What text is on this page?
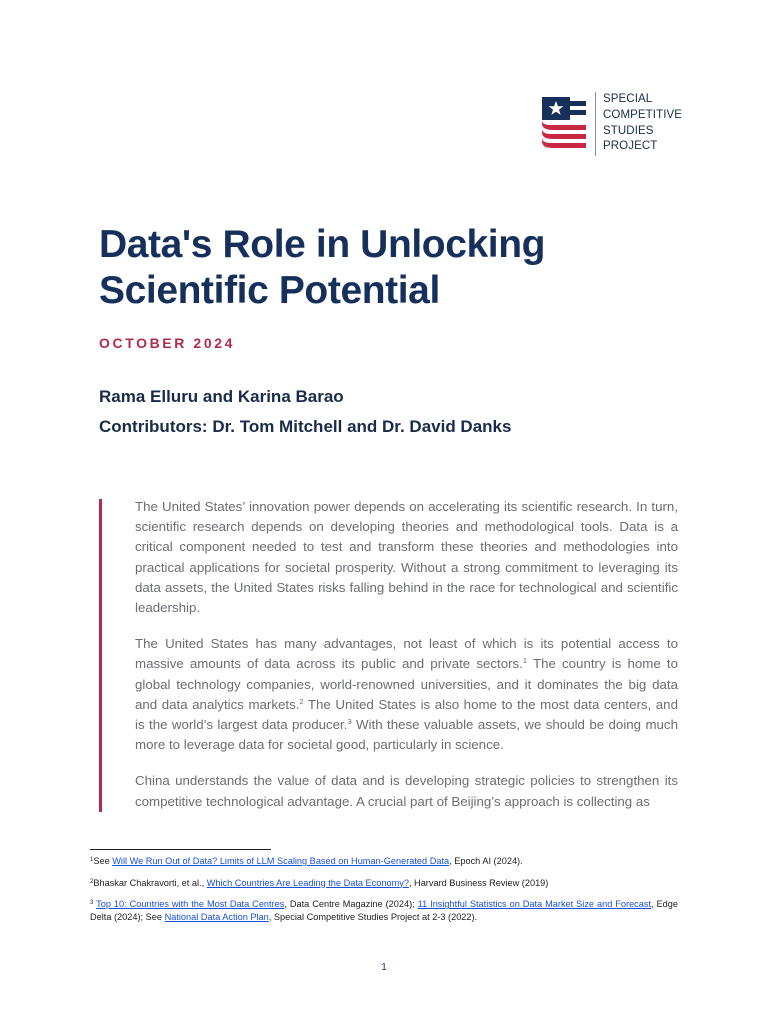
SPECIAL
COMPETITIVE
STUDIES
PROJECT
Data's Role in Unlocking
Scientific Potential
OCTOBER 2024
Rama Elluru and Karina Barao
Contributors: Dr. Tom Mitchell and Dr. David Danks

The United States’ innovation power depends on accelerating its scientific research. In turn, scientific research depends on developing theories and methodological tools. Data is a critical component needed to test and transform these theories and methodologies into practical applications for societal prosperity. Without a strong commitment to leveraging its data assets, the United States risks falling behind in the race for technological and scientific leadership.

The United States has many advantages, not least of which is its potential access to massive amounts of data across its public and private sectors.$^1$ The country is home to global technology companies, world-renowned universities, and it dominates the big data and data analytics markets.$^2$ The United States is also home to the most data centers, and is the world’s largest data producer.$^3$ With these valuable assets, we should be doing much more to leverage data for societal good, particularly in science.

China understands the value of data and is developing strategic policies to strengthen its competitive technological advantage. A crucial part of Beijing’s approach is collecting as

$^1$See Will We Run Out of Data? Limits of LLM Scaling Based on Human-Generated Data, Epoch AI (2024).
$^2$Bhaskar Chakravorti, et al., Which Countries Are Leading the Data Economy?, Harvard Business Review (2019)
$^3$ Top 10: Countries with the Most Data Centres, Data Centre Magazine (2024); 11 Insightful Statistics on Data Market Size and Forecast, Edge Delta (2024); See National Data Action Plan, Special Competitive Studies Project at 2-3 (2022).
1
